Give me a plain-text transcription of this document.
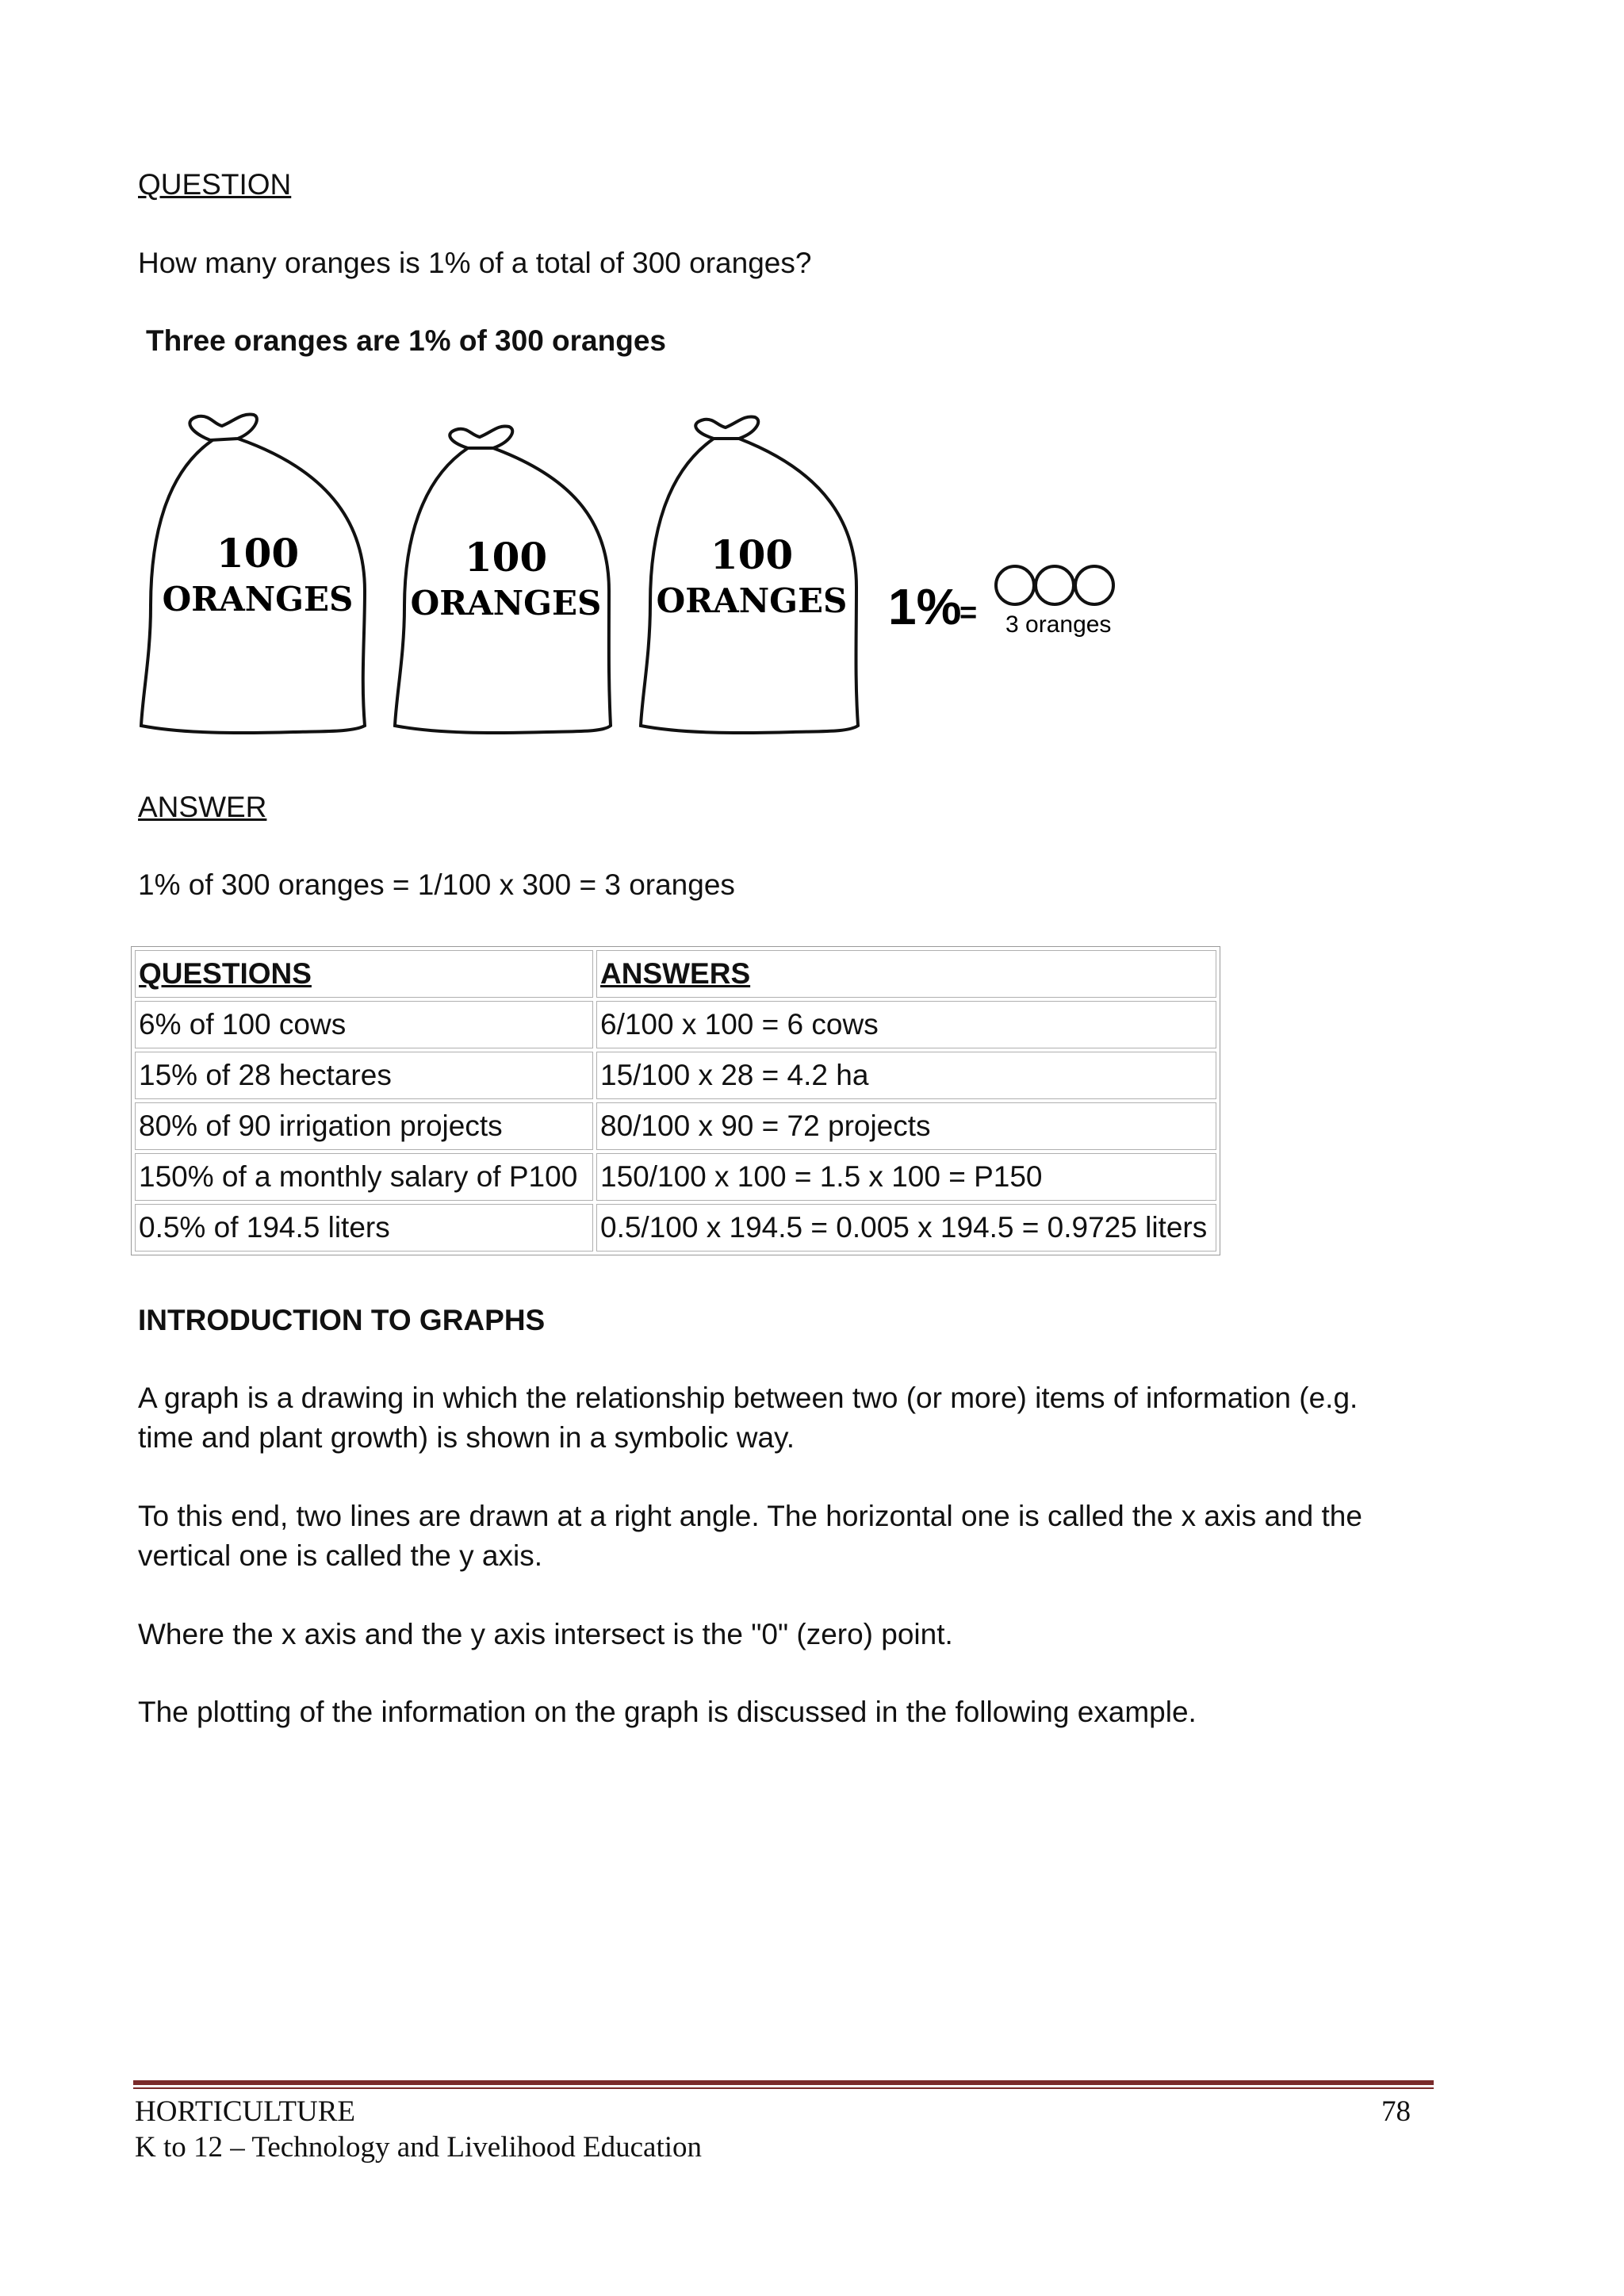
QUESTION

How many oranges is 1% of a total of 300 oranges?

Three oranges are 1% of 300 oranges

100
ORANGES
100
ORANGES
100
ORANGES 1%
= 3 oranges

ANSWER

1% of 300 oranges = 1/100 x 300 = 3 oranges

QUESTIONS	ANSWERS
6% of 100 cows	6/100 x 100 = 6 cows
15% of 28 hectares	15/100 x 28 = 4.2 ha
80% of 90 irrigation projects	80/100 x 90 = 72 projects
150% of a monthly salary of P100	150/100 x 100 = 1.5 x 100 = P150
0.5% of 194.5 liters	0.5/100 x 194.5 = 0.005 x 194.5 = 0.9725 liters

INTRODUCTION TO GRAPHS

A graph is a drawing in which the relationship between two (or more) items of information (e.g.

time and plant growth) is shown in a symbolic way.

To this end, two lines are drawn at a right angle. The horizontal one is called the x axis and the

vertical one is called the y axis.

Where the x axis and the y axis intersect is the "0" (zero) point.

The plotting of the information on the graph is discussed in the following example.

HORTICULTURE
K to 12 – Technology and Livelihood Education
78
